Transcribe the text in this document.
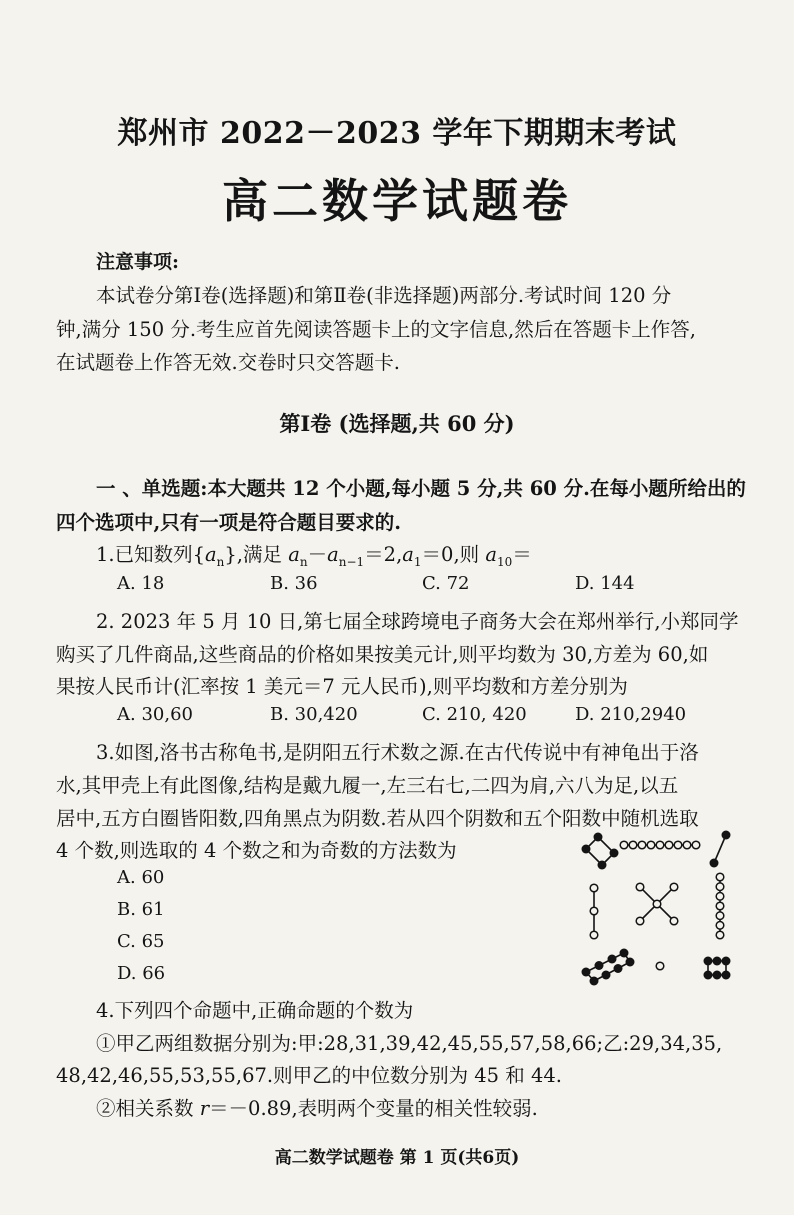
郑州市 2022－2023 学年下期期末考试
高二数学试题卷
注意事项:
本试卷分第Ⅰ卷(选择题)和第Ⅱ卷(非选择题)两部分.考试时间 120 分
钟,满分 150 分.考生应首先阅读答题卡上的文字信息,然后在答题卡上作答,
在试题卷上作答无效.交卷时只交答题卡.
第Ⅰ卷 (选择题,共 60 分)
一 、单选题:本大题共 12 个小题,每小题 5 分,共 60 分.在每小题所给出的
四个选项中,只有一项是符合题目要求的.
1.已知数列$\{a_n\}$,满足 $a_n-a_{n-1}=2,a_1=0$,则 $a_{10}=$
A. 18	B. 36	C. 72	D. 144
2. 2023 年 5 月 10 日,第七届全球跨境电子商务大会在郑州举行,小郑同学
购买了几件商品,这些商品的价格如果按美元计,则平均数为 30,方差为 60,如
果按人民币计(汇率按 1 美元＝7 元人民币),则平均数和方差分别为
A. 30,60	B. 30,420	C. 210, 420	D. 210,2940
3.如图,洛书古称龟书,是阴阳五行术数之源.在古代传说中有神龟出于洛
水,其甲壳上有此图像,结构是戴九履一,左三右七,二四为肩,六八为足,以五
居中,五方白圈皆阳数,四角黑点为阴数.若从四个阴数和五个阳数中随机选取
4 个数,则选取的 4 个数之和为奇数的方法数为
A. 60
B. 61
C. 65
D. 66
4.下列四个命题中,正确命题的个数为
①甲乙两组数据分别为:甲:28,31,39,42,45,55,57,58,66;乙:29,34,35,
48,42,46,55,53,55,67.则甲乙的中位数分别为 45 和 44.
②相关系数 r＝－0.89,表明两个变量的相关性较弱.
高二数学试题卷 第 1 页(共6页)
